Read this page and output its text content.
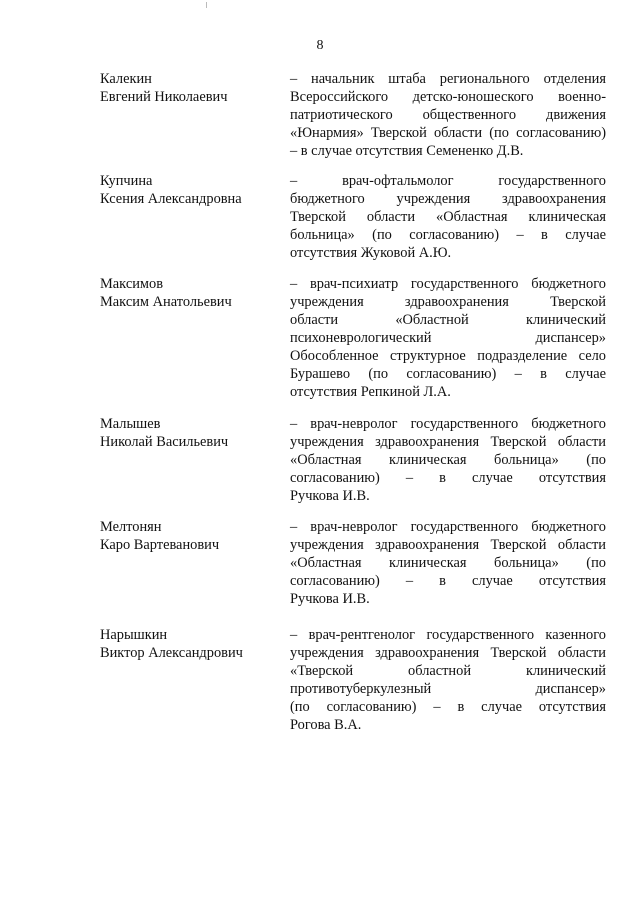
8
Калекин
Евгений Николаевич
– начальник штаба регионального отделения
Всероссийского детско-юношеского военно-
патриотического общественного движения
«Юнармия» Тверской области (по согласованию)
– в случае отсутствия Семененко Д.В.
Купчина
Ксения Александровна
– врач-офтальмолог государственного
бюджетного учреждения здравоохранения
Тверской области «Областная клиническая
больница» (по согласованию) – в случае
отсутствия Жуковой А.Ю.
Максимов
Максим Анатольевич
– врач-психиатр государственного бюджетного
учреждения здравоохранения Тверской
области «Областной клинический
психоневрологический диспансер»
Обособленное структурное подразделение село
Бурашево (по согласованию) – в случае
отсутствия Репкиной Л.А.
Малышев
Николай Васильевич
– врач-невролог государственного бюджетного
учреждения здравоохранения Тверской области
«Областная клиническая больница» (по
согласованию) – в случае отсутствия
Ручкова И.В.
Мелтонян
Каро Вартеванович
– врач-невролог государственного бюджетного
учреждения здравоохранения Тверской области
«Областная клиническая больница» (по
согласованию) – в случае отсутствия
Ручкова И.В.
Нарышкин
Виктор Александрович
– врач-рентгенолог государственного казенного
учреждения здравоохранения Тверской области
«Тверской областной клинический
противотуберкулезный диспансер»
(по согласованию) – в случае отсутствия
Рогова В.А.
